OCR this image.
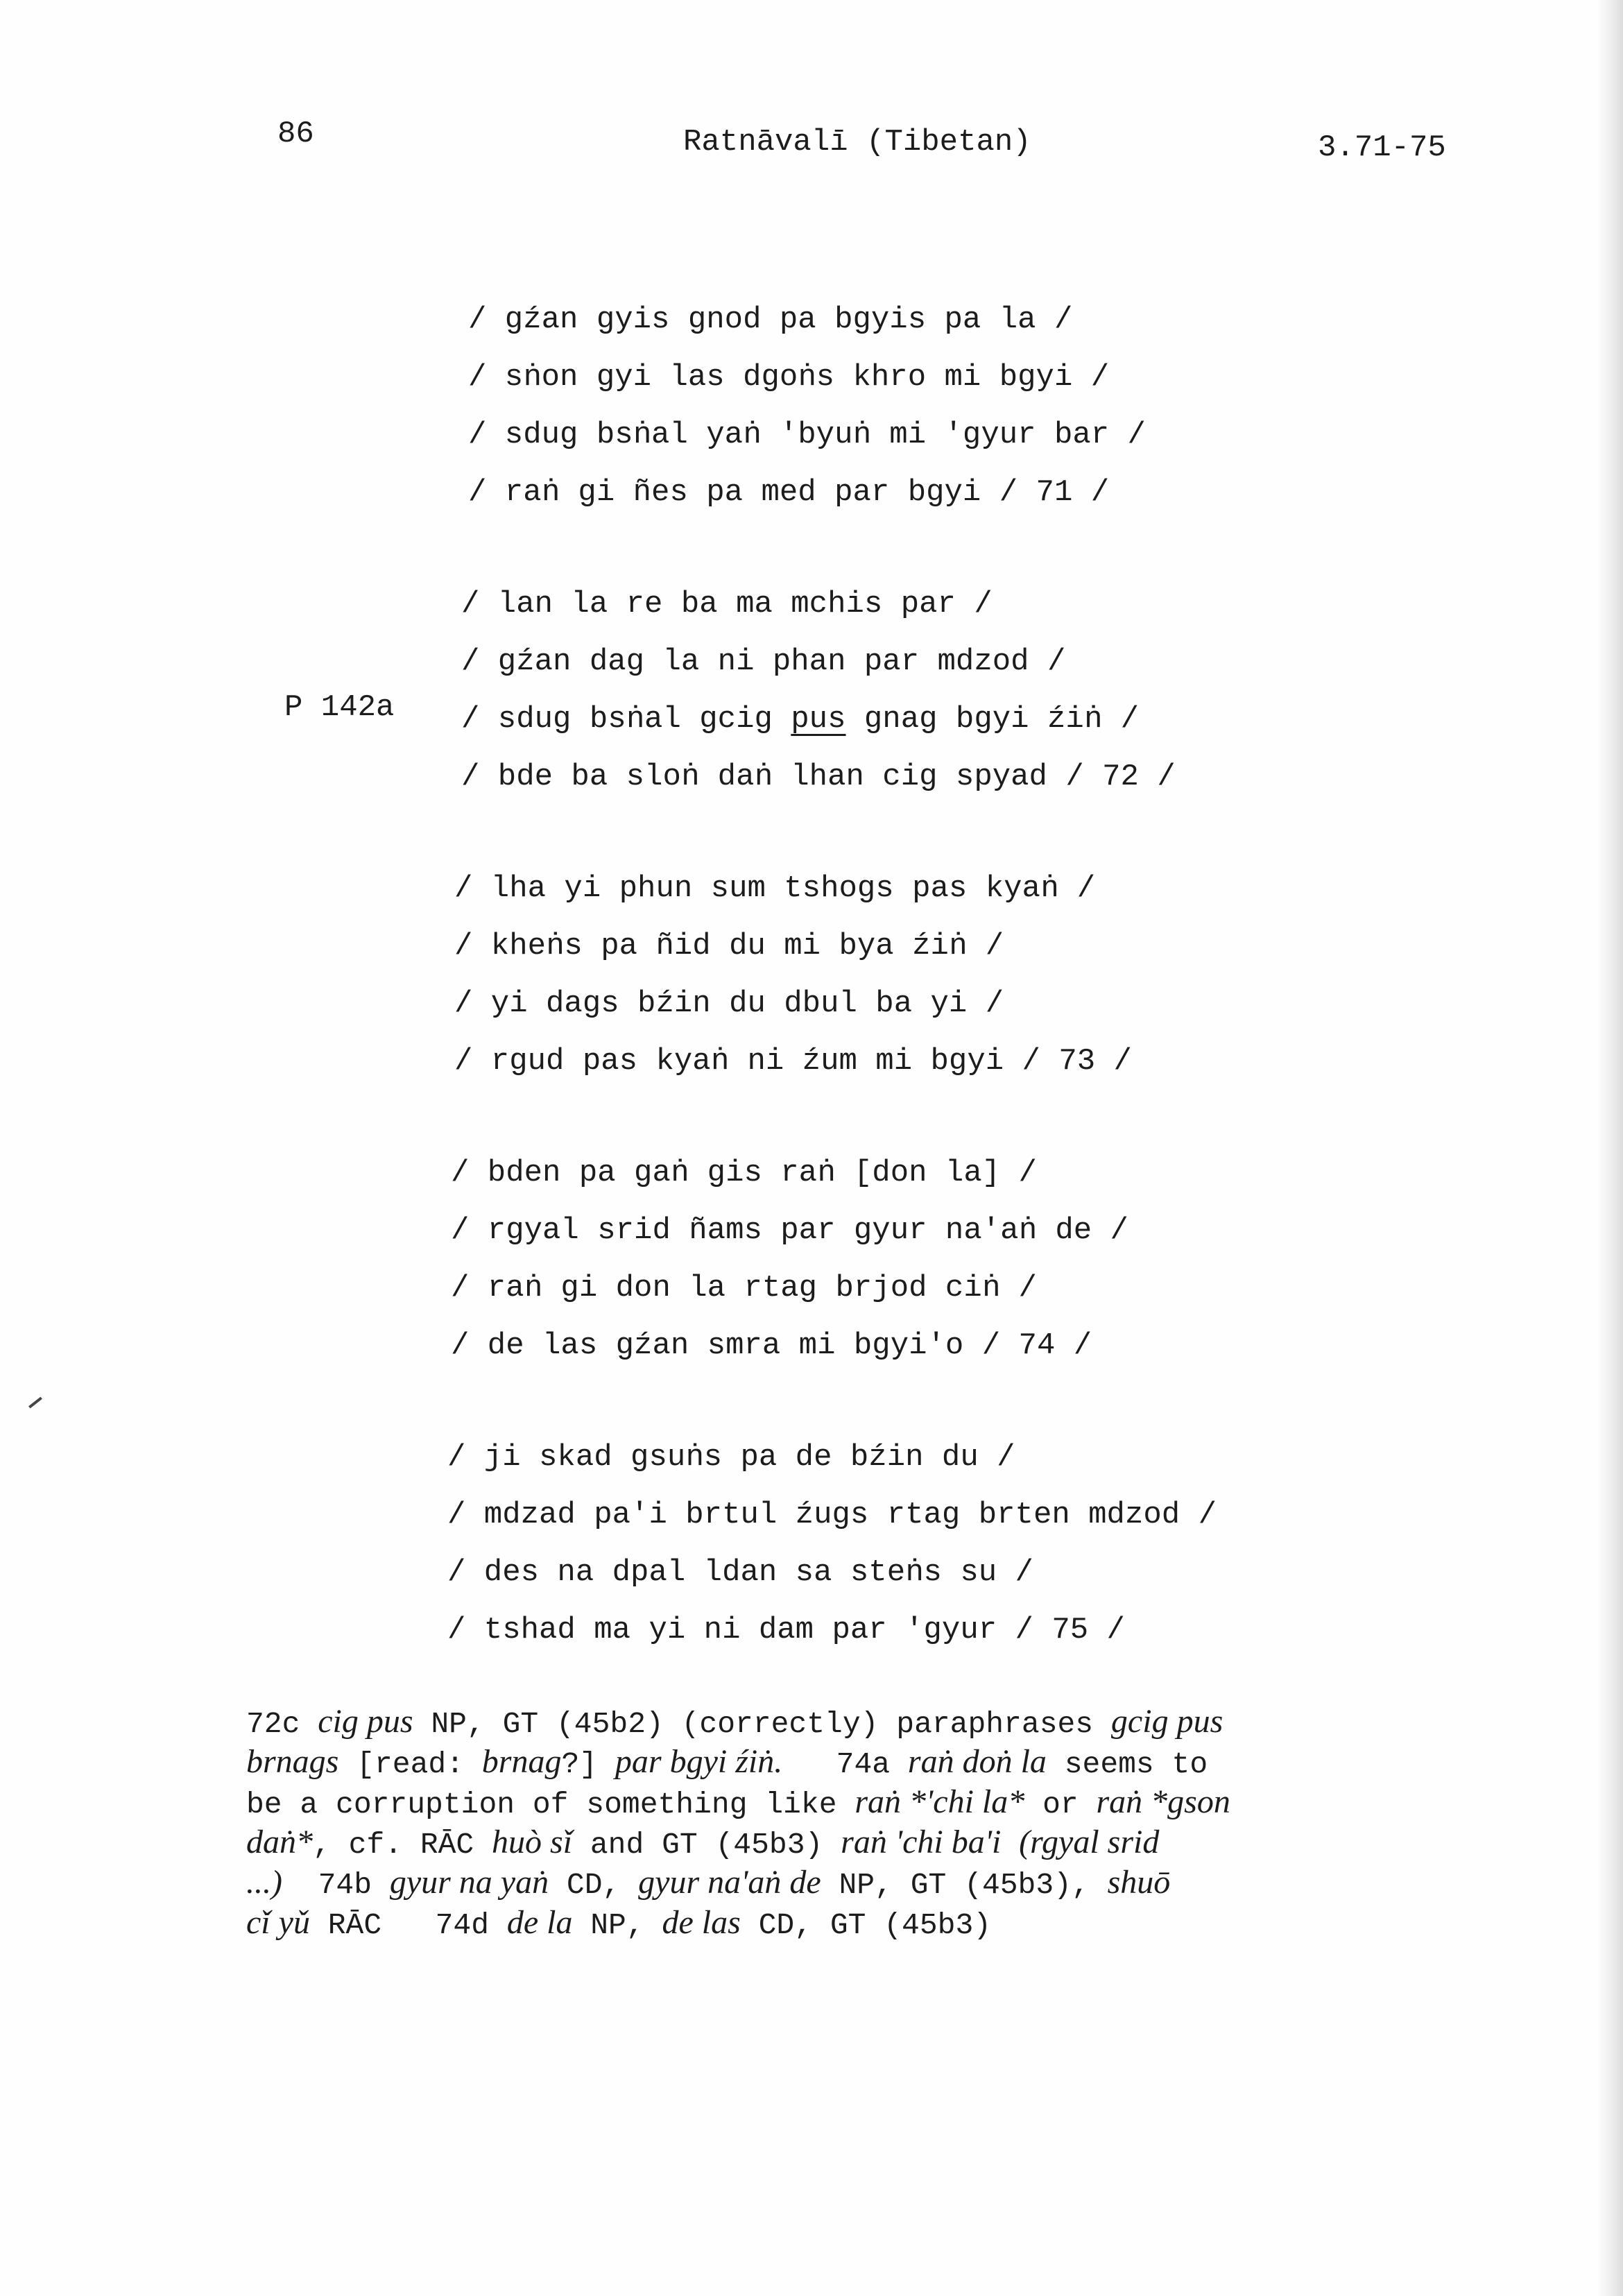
86	Ratnāvalī (Tibetan)	3.71-75
P 142a
/ gźan gyis gnod pa bgyis pa la /
/ sṅon gyi las dgoṅs khro mi bgyi /
/ sdug bsṅal yaṅ 'byuṅ mi 'gyur bar /
/ raṅ gi ñes pa med par bgyi / 71 /
/ lan la re ba ma mchis par /
/ gźan dag la ni phan par mdzod /
/ sdug bsṅal gcig pus gnag bgyi źiṅ /
/ bde ba sloṅ daṅ lhan cig spyad / 72 /
/ lha yi phun sum tshogs pas kyaṅ /
/ kheṅs pa ñid du mi bya źiṅ /
/ yi dags bźin du dbul ba yi /
/ rgud pas kyaṅ ni źum mi bgyi / 73 /
/ bden pa gaṅ gis raṅ [don la] /
/ rgyal srid ñams par gyur na'aṅ de /
/ raṅ gi don la rtag brjod ciṅ /
/ de las gźan smra mi bgyi'o / 74 /
/ ji skad gsuṅs pa de bźin du /
/ mdzad pa'i brtul źugs rtag brten mdzod /
/ des na dpal ldan sa steṅs su /
/ tshad ma yi ni dam par 'gyur / 75 /
72c cig pus NP, GT (45b2) (correctly) paraphrases gcig pus
brnags [read: brnag?] par bgyi źiṅ.   74a raṅ doṅ la seems to
be a corruption of something like raṅ *'chi la* or raṅ *gson
daṅ*, cf. RĀC huò sǐ and GT (45b3) raṅ 'chi ba'i (rgyal srid
...)  74b gyur na yaṅ CD, gyur na'aṅ de NP, GT (45b3), shuō
cǐ yǔ RĀC   74d de la NP, de las CD, GT (45b3)
